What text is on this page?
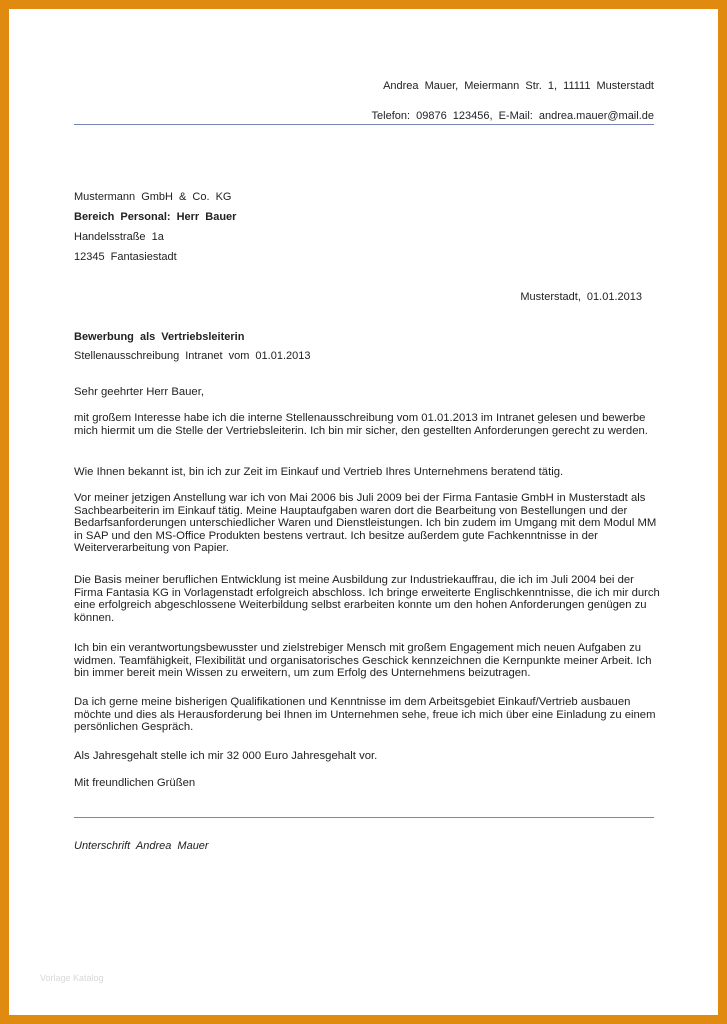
Andrea Mauer, Meiermann Str. 1, 11111 Musterstadt
Telefon: 09876 123456, E-Mail: andrea.mauer@mail.de
Mustermann GmbH & Co. KG
Bereich Personal: Herr Bauer
Handelsstraße 1a
12345 Fantasiestadt
Musterstadt, 01.01.2013
Bewerbung als Vertriebsleiterin
Stellenausschreibung Intranet vom 01.01.2013
Sehr geehrter Herr Bauer,
mit großem Interesse habe ich die interne Stellenausschreibung vom 01.01.2013 im Intranet gelesen und bewerbe mich hiermit um die Stelle der Vertriebsleiterin. Ich bin mir sicher, den gestellten Anforderungen gerecht zu werden.
Wie Ihnen bekannt ist, bin ich zur Zeit im Einkauf und Vertrieb Ihres Unternehmens beratend tätig.
Vor meiner jetzigen Anstellung war ich von Mai 2006 bis Juli 2009 bei der Firma Fantasie GmbH in Musterstadt als Sachbearbeiterin im Einkauf tätig. Meine Hauptaufgaben waren dort die Bearbeitung von Bestellungen und der Bedarfsanforderungen unterschiedlicher Waren und Dienstleistungen. Ich bin zudem im Umgang mit dem Modul MM in SAP und den MS-Office Produkten bestens vertraut. Ich besitze außerdem gute Fachkenntnisse in der Weiterverarbeitung von Papier.
Die Basis meiner beruflichen Entwicklung ist meine Ausbildung zur Industriekauffrau, die ich im Juli 2004 bei der Firma Fantasia KG in Vorlagenstadt erfolgreich abschloss. Ich bringe erweiterte Englischkenntnisse, die ich mir durch eine erfolgreich abgeschlossene Weiterbildung selbst erarbeiten konnte um den hohen Anforderungen genügen zu können.
Ich bin ein verantwortungsbewusster und zielstrebiger Mensch mit großem Engagement mich neuen Aufgaben zu widmen. Teamfähigkeit, Flexibilität und organisatorisches Geschick kennzeichnen die Kernpunkte meiner Arbeit. Ich bin immer bereit mein Wissen zu erweitern, um zum Erfolg des Unternehmens beizutragen.
Da ich gerne meine bisherigen Qualifikationen und Kenntnisse im dem Arbeitsgebiet Einkauf/Vertrieb ausbauen möchte und dies als Herausforderung bei Ihnen im Unternehmen sehe, freue ich mich über eine Einladung zu einem persönlichen Gespräch.
Als Jahresgehalt stelle ich mir 32 000 Euro Jahresgehalt vor.
Mit freundlichen Grüßen
Unterschrift Andrea Mauer
Vorlage Katalog
